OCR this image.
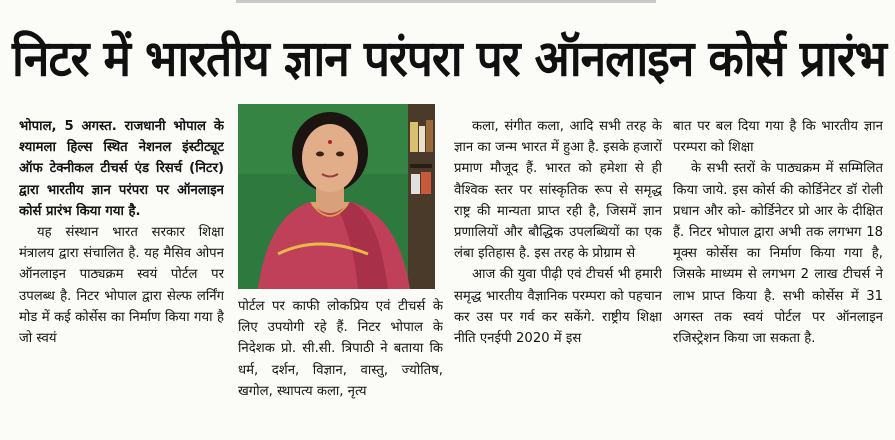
निटर में भारतीय ज्ञान परंपरा पर ऑनलाइन कोर्स प्रारंभ

भोपाल, 5 अगस्त. राजधानी भोपाल के श्यामला हिल्स स्थित नेशनल इंस्टीट्यूट ऑफ टेक्नीकल टीचर्स एंड रिसर्च (निटर) द्वारा भारतीय ज्ञान परंपरा पर ऑनलाइन कोर्स प्रारंभ किया गया है.

यह संस्थान भारत सरकार शिक्षा मंत्रालय द्वारा संचालित है. यह मैसिव ओपन ऑनलाइन पाठ्यक्रम स्वयं पोर्टल पर उपलब्ध है. निटर भोपाल द्वारा सेल्फ लर्निंग मोड में कई कोर्सेस का निर्माण किया गया है जो स्वयं

पोर्टल पर काफी लोकप्रिय एवं टीचर्स के लिए उपयोगी रहे हैं. निटर भोपाल के निदेशक प्रो. सी.सी. त्रिपाठी ने बताया कि धर्म, दर्शन, विज्ञान, वास्तु, ज्योतिष, खगोल, स्थापत्य कला, नृत्य

कला, संगीत कला, आदि सभी तरह के ज्ञान का जन्म भारत में हुआ है. इसके हजारों प्रमाण मौजूद हैं. भारत को हमेशा से ही वैश्विक स्तर पर सांस्कृतिक रूप से समृद्ध राष्ट्र की मान्यता प्राप्त रही है, जिसमें ज्ञान प्रणालियों और बौद्धिक उपलब्धियों का एक लंबा इतिहास है. इस तरह के प्रोग्राम से

आज की युवा पीढ़ी एवं टीचर्स भी हमारी समृद्ध भारतीय वैज्ञानिक परम्परा को पहचान कर उस पर गर्व कर सकेंगे. राष्ट्रीय शिक्षा नीति एनईपी 2020 में इस

बात पर बल दिया गया है कि भारतीय ज्ञान परम्परा को शिक्षा

के सभी स्तरों के पाठ्यक्रम में सम्मिलित किया जाये. इस कोर्स की कोर्डिनेटर डॉ रोली प्रधान और को- कोर्डिनेटर प्रो आर के दीक्षित हैं. निटर भोपाल द्वारा अभी तक लगभग 18 मूक्स कोर्सेस का निर्माण किया गया है, जिसके माध्यम से लगभग 2 लाख टीचर्स ने लाभ प्राप्त किया है. सभी कोर्सेस में 31 अगस्त तक स्वयं पोर्टल पर ऑनलाइन रजिस्ट्रेशन किया जा सकता है.
